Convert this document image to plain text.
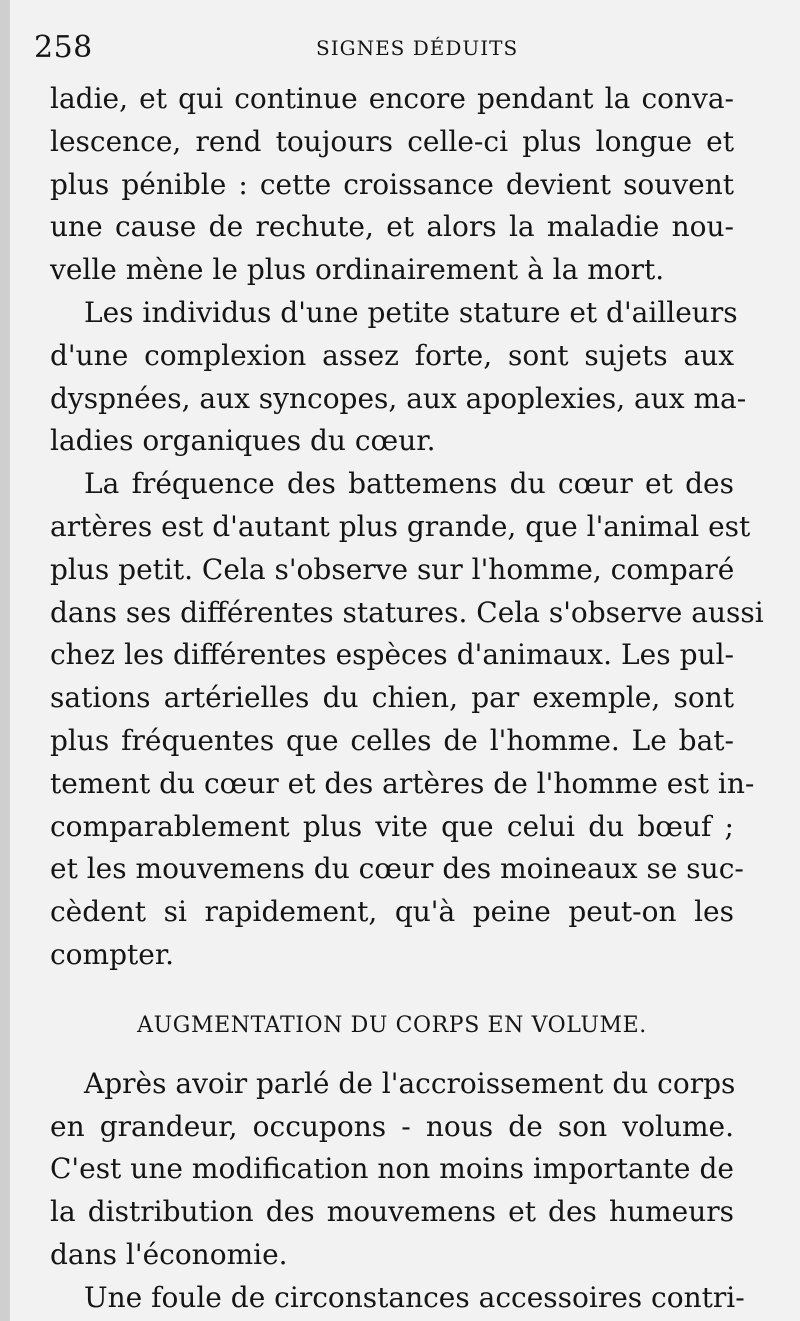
258	SIGNES DÉDUITS
ladie, et qui continue encore pendant la conva-
lescence, rend toujours celle-ci plus longue et
plus pénible : cette croissance devient souvent
une cause de rechute, et alors la maladie nou-
velle mène le plus ordinairement à la mort.
Les individus d'une petite stature et d'ailleurs
d'une complexion assez forte, sont sujets aux
dyspnées, aux syncopes, aux apoplexies, aux ma-
ladies organiques du cœur.
La fréquence des battemens du cœur et des
artères est d'autant plus grande, que l'animal est
plus petit. Cela s'observe sur l'homme, comparé
dans ses différentes statures. Cela s'observe aussi
chez les différentes espèces d'animaux. Les pul-
sations artérielles du chien, par exemple, sont
plus fréquentes que celles de l'homme. Le bat-
tement du cœur et des artères de l'homme est in-
comparablement plus vite que celui du bœuf ;
et les mouvemens du cœur des moineaux se suc-
cèdent si rapidement, qu'à peine peut-on les
compter.
AUGMENTATION DU CORPS EN VOLUME.
Après avoir parlé de l'accroissement du corps
en grandeur, occupons - nous de son volume.
C'est une modification non moins importante de
la distribution des mouvemens et des humeurs
dans l'économie.
Une foule de circonstances accessoires contri-
